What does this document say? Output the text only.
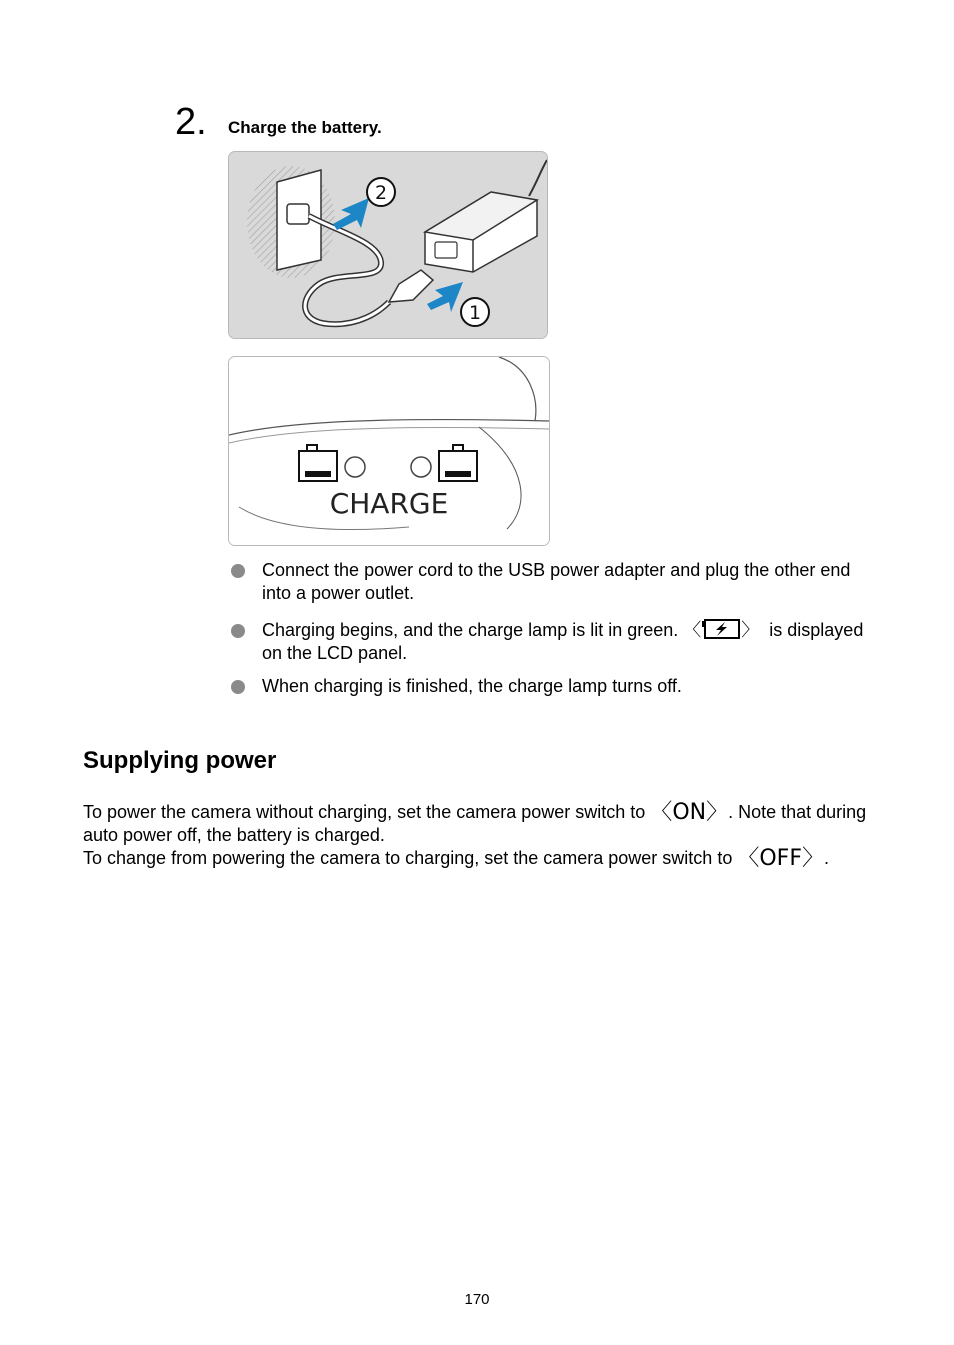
2. Charge the battery.
2
1
CHARGE
Connect the power cord to the USB power adapter and plug the other end into a power outlet.
Charging begins, and the charge lamp is lit in green. 〈 〉 is displayed on the LCD panel.
When charging is finished, the charge lamp turns off.
Supplying power

To power the camera without charging, set the camera power switch to 〈ON〉. Note that during auto power off, the battery is charged.

To change from powering the camera to charging, set the camera power switch to 〈OFF〉.

170
